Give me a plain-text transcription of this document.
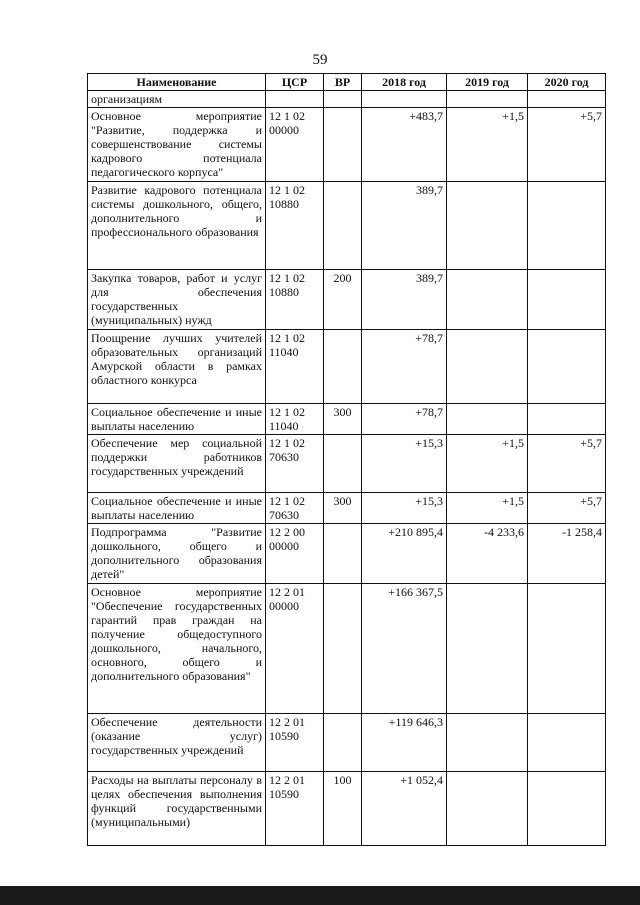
59
Наименование	ЦСР	ВР	2018 год	2019 год	2020 год
организациям					
Основное мероприятие "Развитие, поддержка и совершенствование системы кадрового потенциала педагогического корпуса"	12 1 02 00000		+483,7	+1,5	+5,7
Развитие кадрового потенциала системы дошкольного, общего, дополнительного и профессионального образования	12 1 02 10880		389,7		
Закупка товаров, работ и услуг для обеспечения государственных (муниципальных) нужд	12 1 02 10880	200	389,7		
Поощрение лучших учителей образовательных организаций Амурской области в рамках областного конкурса	12 1 02 11040		+78,7		
Социальное обеспечение и иные выплаты населению	12 1 02 11040	300	+78,7		
Обеспечение мер социальной поддержки работников государственных учреждений	12 1 02 70630		+15,3	+1,5	+5,7
Социальное обеспечение и иные выплаты населению	12 1 02 70630	300	+15,3	+1,5	+5,7
Подпрограмма "Развитие дошкольного, общего и дополнительного образования детей"	12 2 00 00000		+210 895,4	-4 233,6	-1 258,4
Основное мероприятие "Обеспечение государственных гарантий прав граждан на получение общедоступного дошкольного, начального, основного, общего и дополнительного образования"	12 2 01 00000		+166 367,5		
Обеспечение деятельности (оказание услуг) государственных учреждений	12 2 01 10590		+119 646,3		
Расходы на выплаты персоналу в целях обеспечения выполнения функций государственными (муниципальными)	12 2 01 10590	100	+1 052,4		
